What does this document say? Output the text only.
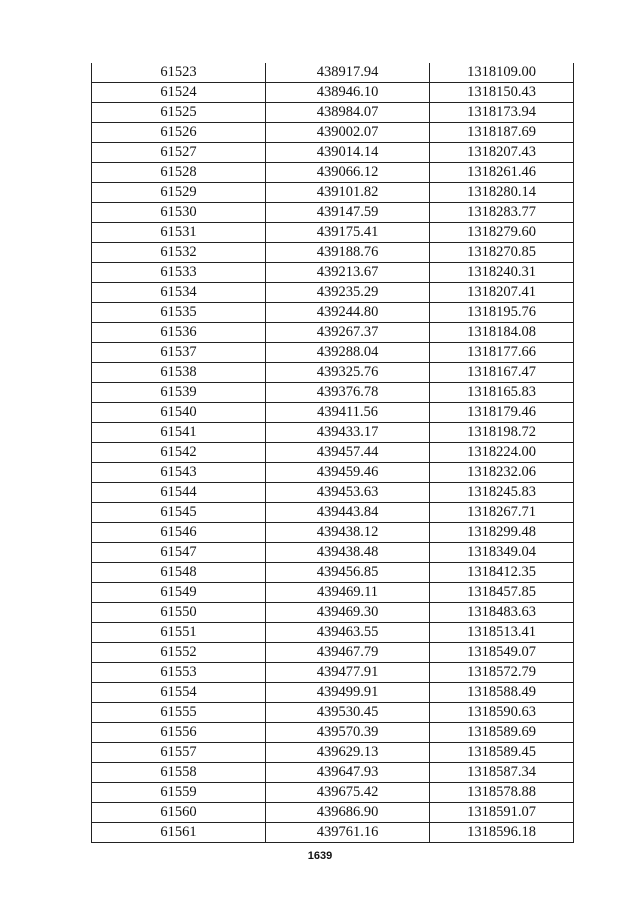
61523	438917.94	1318109.00
61524	438946.10	1318150.43
61525	438984.07	1318173.94
61526	439002.07	1318187.69
61527	439014.14	1318207.43
61528	439066.12	1318261.46
61529	439101.82	1318280.14
61530	439147.59	1318283.77
61531	439175.41	1318279.60
61532	439188.76	1318270.85
61533	439213.67	1318240.31
61534	439235.29	1318207.41
61535	439244.80	1318195.76
61536	439267.37	1318184.08
61537	439288.04	1318177.66
61538	439325.76	1318167.47
61539	439376.78	1318165.83
61540	439411.56	1318179.46
61541	439433.17	1318198.72
61542	439457.44	1318224.00
61543	439459.46	1318232.06
61544	439453.63	1318245.83
61545	439443.84	1318267.71
61546	439438.12	1318299.48
61547	439438.48	1318349.04
61548	439456.85	1318412.35
61549	439469.11	1318457.85
61550	439469.30	1318483.63
61551	439463.55	1318513.41
61552	439467.79	1318549.07
61553	439477.91	1318572.79
61554	439499.91	1318588.49
61555	439530.45	1318590.63
61556	439570.39	1318589.69
61557	439629.13	1318589.45
61558	439647.93	1318587.34
61559	439675.42	1318578.88
61560	439686.90	1318591.07
61561	439761.16	1318596.18
1639
